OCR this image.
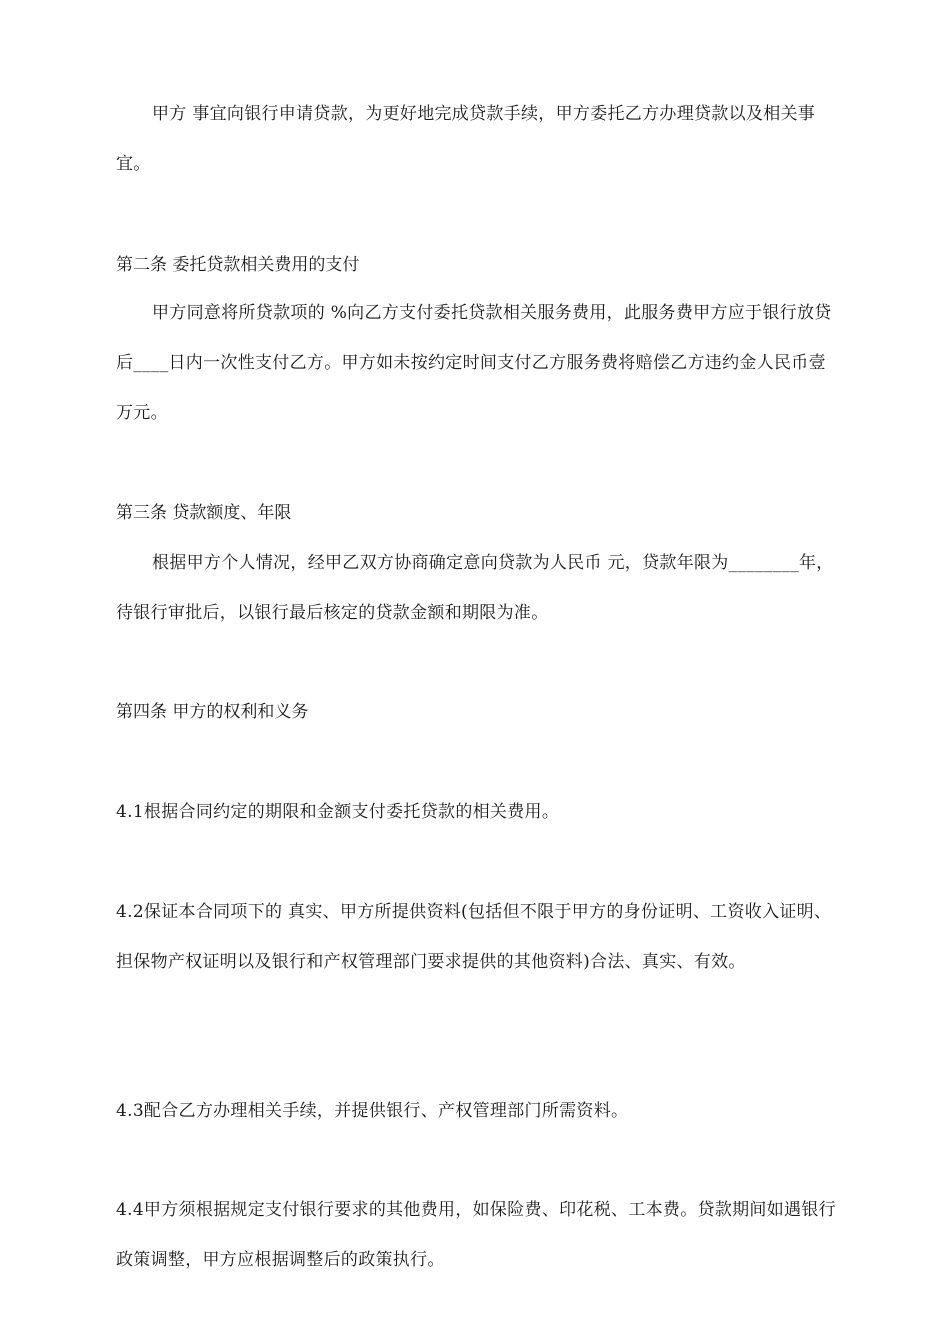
甲方 事宜向银行申请贷款，为更好地完成贷款手续，甲方委托乙方办理贷款以及相关事宜。

第二条 委托贷款相关费用的支付

甲方同意将所贷款项的 %向乙方支付委托贷款相关服务费用，此服务费甲方应于银行放贷后____日内一次性支付乙方。甲方如未按约定时间支付乙方服务费将赔偿乙方违约金人民币壹万元。

第三条 贷款额度、年限

根据甲方个人情况，经甲乙双方协商确定意向贷款为人民币 元，贷款年限为________年，待银行审批后，以银行最后核定的贷款金额和期限为准。

第四条 甲方的权利和义务

4.1根据合同约定的期限和金额支付委托贷款的相关费用。

4.2保证本合同项下的 真实、甲方所提供资料(包括但不限于甲方的身份证明、工资收入证明、担保物产权证明以及银行和产权管理部门要求提供的其他资料)合法、真实、有效。

4.3配合乙方办理相关手续，并提供银行、产权管理部门所需资料。

4.4甲方须根据规定支付银行要求的其他费用，如保险费、印花税、工本费。贷款期间如遇银行政策调整，甲方应根据调整后的政策执行。
